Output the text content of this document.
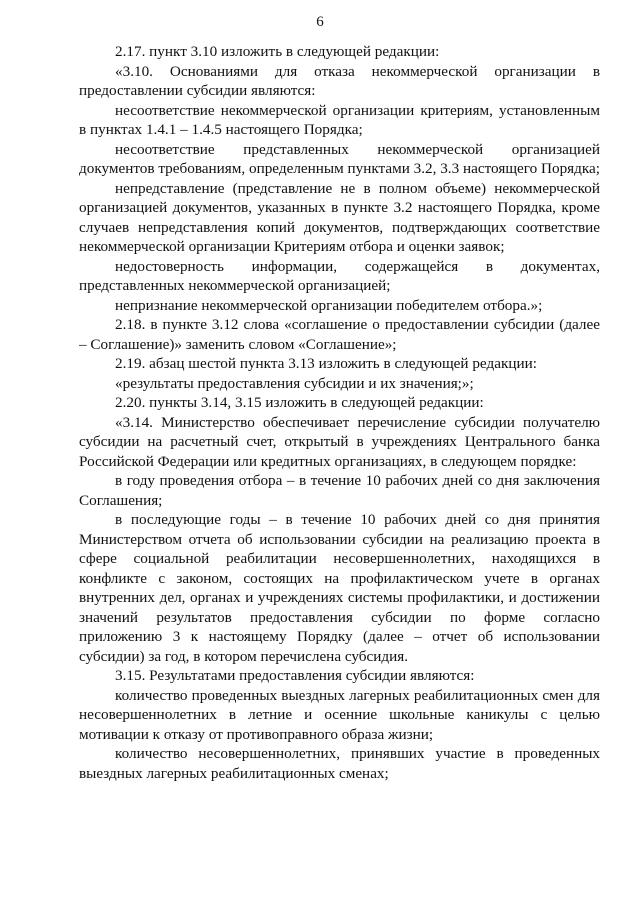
6

2.17. пункт 3.10 изложить в следующей редакции:

«3.10. Основаниями для отказа некоммерческой организации в предоставлении субсидии являются:

несоответствие некоммерческой организации критериям, установленным в пунктах 1.4.1 – 1.4.5 настоящего Порядка;

несоответствие представленных некоммерческой организацией документов требованиям, определенным пунктами 3.2, 3.3 настоящего Порядка;

непредставление (представление не в полном объеме) некоммерческой организацией документов, указанных в пункте 3.2 настоящего Порядка, кроме случаев непредставления копий документов, подтверждающих соответствие некоммерческой организации Критериям отбора и оценки заявок;

недостоверность информации, содержащейся в документах, представленных некоммерческой организацией;

непризнание некоммерческой организации победителем отбора.»;

2.18. в пункте 3.12 слова «соглашение о предоставлении субсидии (далее – Соглашение)» заменить словом «Соглашение»;

2.19. абзац шестой пункта 3.13 изложить в следующей редакции:

«результаты предоставления субсидии и их значения;»;

2.20. пункты 3.14, 3.15 изложить в следующей редакции:

«3.14. Министерство обеспечивает перечисление субсидии получателю субсидии на расчетный счет, открытый в учреждениях Центрального банка Российской Федерации или кредитных организациях, в следующем порядке:

в году проведения отбора – в течение 10 рабочих дней со дня заключения Соглашения;

в последующие годы – в течение 10 рабочих дней со дня принятия Министерством отчета об использовании субсидии на реализацию проекта в сфере социальной реабилитации несовершеннолетних, находящихся в конфликте с законом, состоящих на профилактическом учете в органах внутренних дел, органах и учреждениях системы профилактики, и достижении значений результатов предоставления субсидии по форме согласно приложению 3 к настоящему Порядку (далее – отчет об использовании субсидии) за год, в котором перечислена субсидия.

3.15. Результатами предоставления субсидии являются:

количество проведенных выездных лагерных реабилитационных смен для несовершеннолетних в летние и осенние школьные каникулы с целью мотивации к отказу от противоправного образа жизни;

количество несовершеннолетних, принявших участие в проведенных выездных лагерных реабилитационных сменах;
